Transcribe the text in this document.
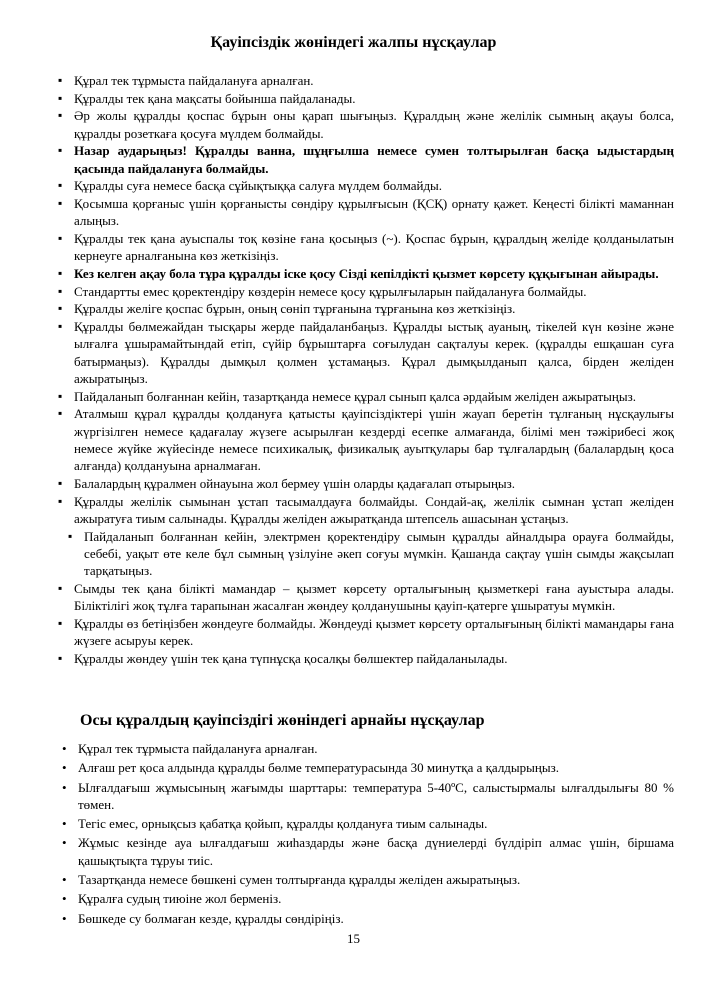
Қауіпсіздік жөніндегі жалпы нұсқаулар
▪ Құрал тек тұрмыста пайдалануға арналған.
▪ Құралды тек қана мақсаты бойынша пайдаланады.
▪ Әр жолы құралды қоспас бұрын оны қарап шығыңыз. Құралдың және желілік сымның ақауы болса, құралды розеткаға қосуға мүлдем болмайды.
▪ Назар аударыңыз! Құралды ванна, шұңғылша немесе сумен толтырылған басқа ыдыстардың қасында пайдалануға болмайды.
▪ Құралды суға немесе басқа сұйықтыққа салуға мүлдем болмайды.
▪ Қосымша қорғаныс үшін қорғанысты сөндіру құрылғысын (ҚСҚ) орнату қажет. Кеңесті білікті маманнан алыңыз.
▪ Құралды тек қана ауыспалы тоқ көзіне ғана қосыңыз (~). Қоспас бұрын, құралдың желіде қолданылатын кернеуге арналғанына көз жеткізіңіз.
▪ Кез келген ақау бола тұра құралды іске қосу Сізді кепілдікті қызмет көрсету құқығынан айырады.
▪ Стандартты емес қоректендіру көздерін немесе қосу құрылғыларын пайдалануға болмайды.
▪ Құралды желіге қоспас бұрын, оның сөніп тұрғанына тұрғанына көз жеткізіңіз.
▪ Құралды бөлмежайдан тысқары жерде пайдаланбаңыз. Құралды ыстық ауаның, тікелей күн көзіне және ылғалға ұшырамайтындай етіп, сүйір бұрыштарға соғылудан сақталуы керек. (құралды ешқашан суға батырмаңыз). Құралды дымқыл қолмен ұстамаңыз. Құрал дымқылданып қалса, бірден желіден ажыратыңыз.
▪ Пайдаланып болғаннан кейін, тазартқанда немесе құрал сынып қалса әрдайым желіден ажыратыңыз.
▪ Аталмыш құрал құралды қолдануға қатысты қауіпсіздіктері үшін жауап беретін тұлғаның нұсқаулығы жүргізілген немесе қадағалау жүзеге асырылған кездерді есепке алмағанда, білімі мен тәжірибесі жоқ немесе жүйке жүйесінде немесе психикалық, физикалық ауытқулары бар тұлғалардың (балалардың қоса алғанда) қолдануына арналмаған.
▪ Балалардың құралмен ойнауына жол бермеу үшін оларды қадағалап отырыңыз.
▪ Құралды желілік сымынан ұстап тасымалдауға болмайды. Сондай-ақ, желілік сымнан ұстап желіден ажыратуға тиым салынады. Құралды желіден ажыратқанда штепсель ашасынан ұстаңыз.
▪ Пайдаланып болғаннан кейін, электрмен қоректендіру сымын құралды айналдыра орауға болмайды, себебі, уақыт өте келе бұл сымның үзілуіне әкеп соғуы мүмкін. Қашанда сақтау үшін сымды жақсылап тарқатыңыз.
▪ Сымды тек қана білікті мамандар – қызмет көрсету орталығының қызметкері ғана ауыстыра алады. Біліктілігі жоқ тұлға тарапынан жасалған жөндеу қолданушыны қауіп-қатерге ұшыратуы мүмкін.
▪ Құралды өз бетіңізбен жөндеуге болмайды. Жөндеуді қызмет көрсету орталығының білікті мамандары ғана жүзеге асыруы керек.
▪ Құралды жөндеу үшін тек қана түпнұсқа қосалқы бөлшектер пайдаланылады.
Осы құралдың қауіпсіздігі жөніндегі арнайы нұсқаулар
• Құрал тек тұрмыста пайдалануға арналған.
• Алғаш рет қоса алдында құралды бөлме температурасында 30 минутқа а қалдырыңыз.
• Ылғалдағыш жұмысының жағымды шарттары: температура 5-40ºС, салыстырмалы ылғалдылығы 80 % төмен.
• Тегіс емес, орнықсыз қабатқа қойып, құралды қолдануға тиым салынады.
• Жұмыс кезінде ауа ылғалдағыш жиһаздарды және басқа дүниелерді бүлдіріп алмас үшін, біршама қашықтықта тұруы тиіс.
• Тазартқанда немесе бөшкені сумен толтырғанда құралды желіден ажыратыңыз.
• Құралға судың тиюіне жол берменіз.
• Бөшкеде су болмаған кезде, құралды сөндіріңіз.
15
